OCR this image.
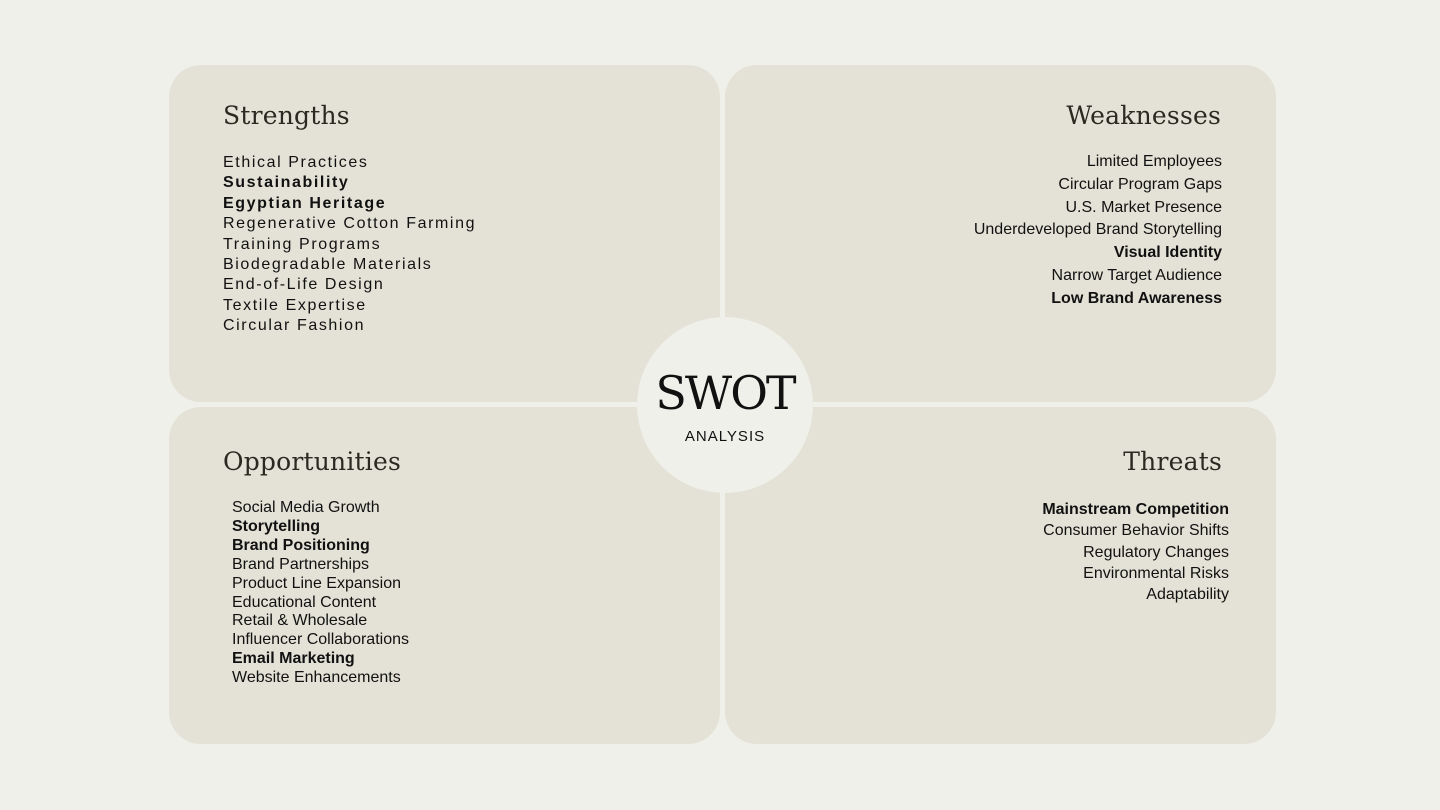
Strengths
Ethical Practices
Sustainability
Egyptian Heritage
Regenerative Cotton Farming
Training Programs
Biodegradable Materials
End-of-Life Design
Textile Expertise
Circular Fashion
Weaknesses
Limited Employees
Circular Program Gaps
U.S. Market Presence
Underdeveloped Brand Storytelling
Visual Identity
Narrow Target Audience
Low Brand Awareness
Opportunities
Social Media Growth
Storytelling
Brand Positioning
Brand Partnerships
Product Line Expansion
Educational Content
Retail & Wholesale
Influencer Collaborations
Email Marketing
Website Enhancements
Threats
Mainstream Competition
Consumer Behavior Shifts
Regulatory Changes
Environmental Risks
Adaptability
SWOT
ANALYSIS
